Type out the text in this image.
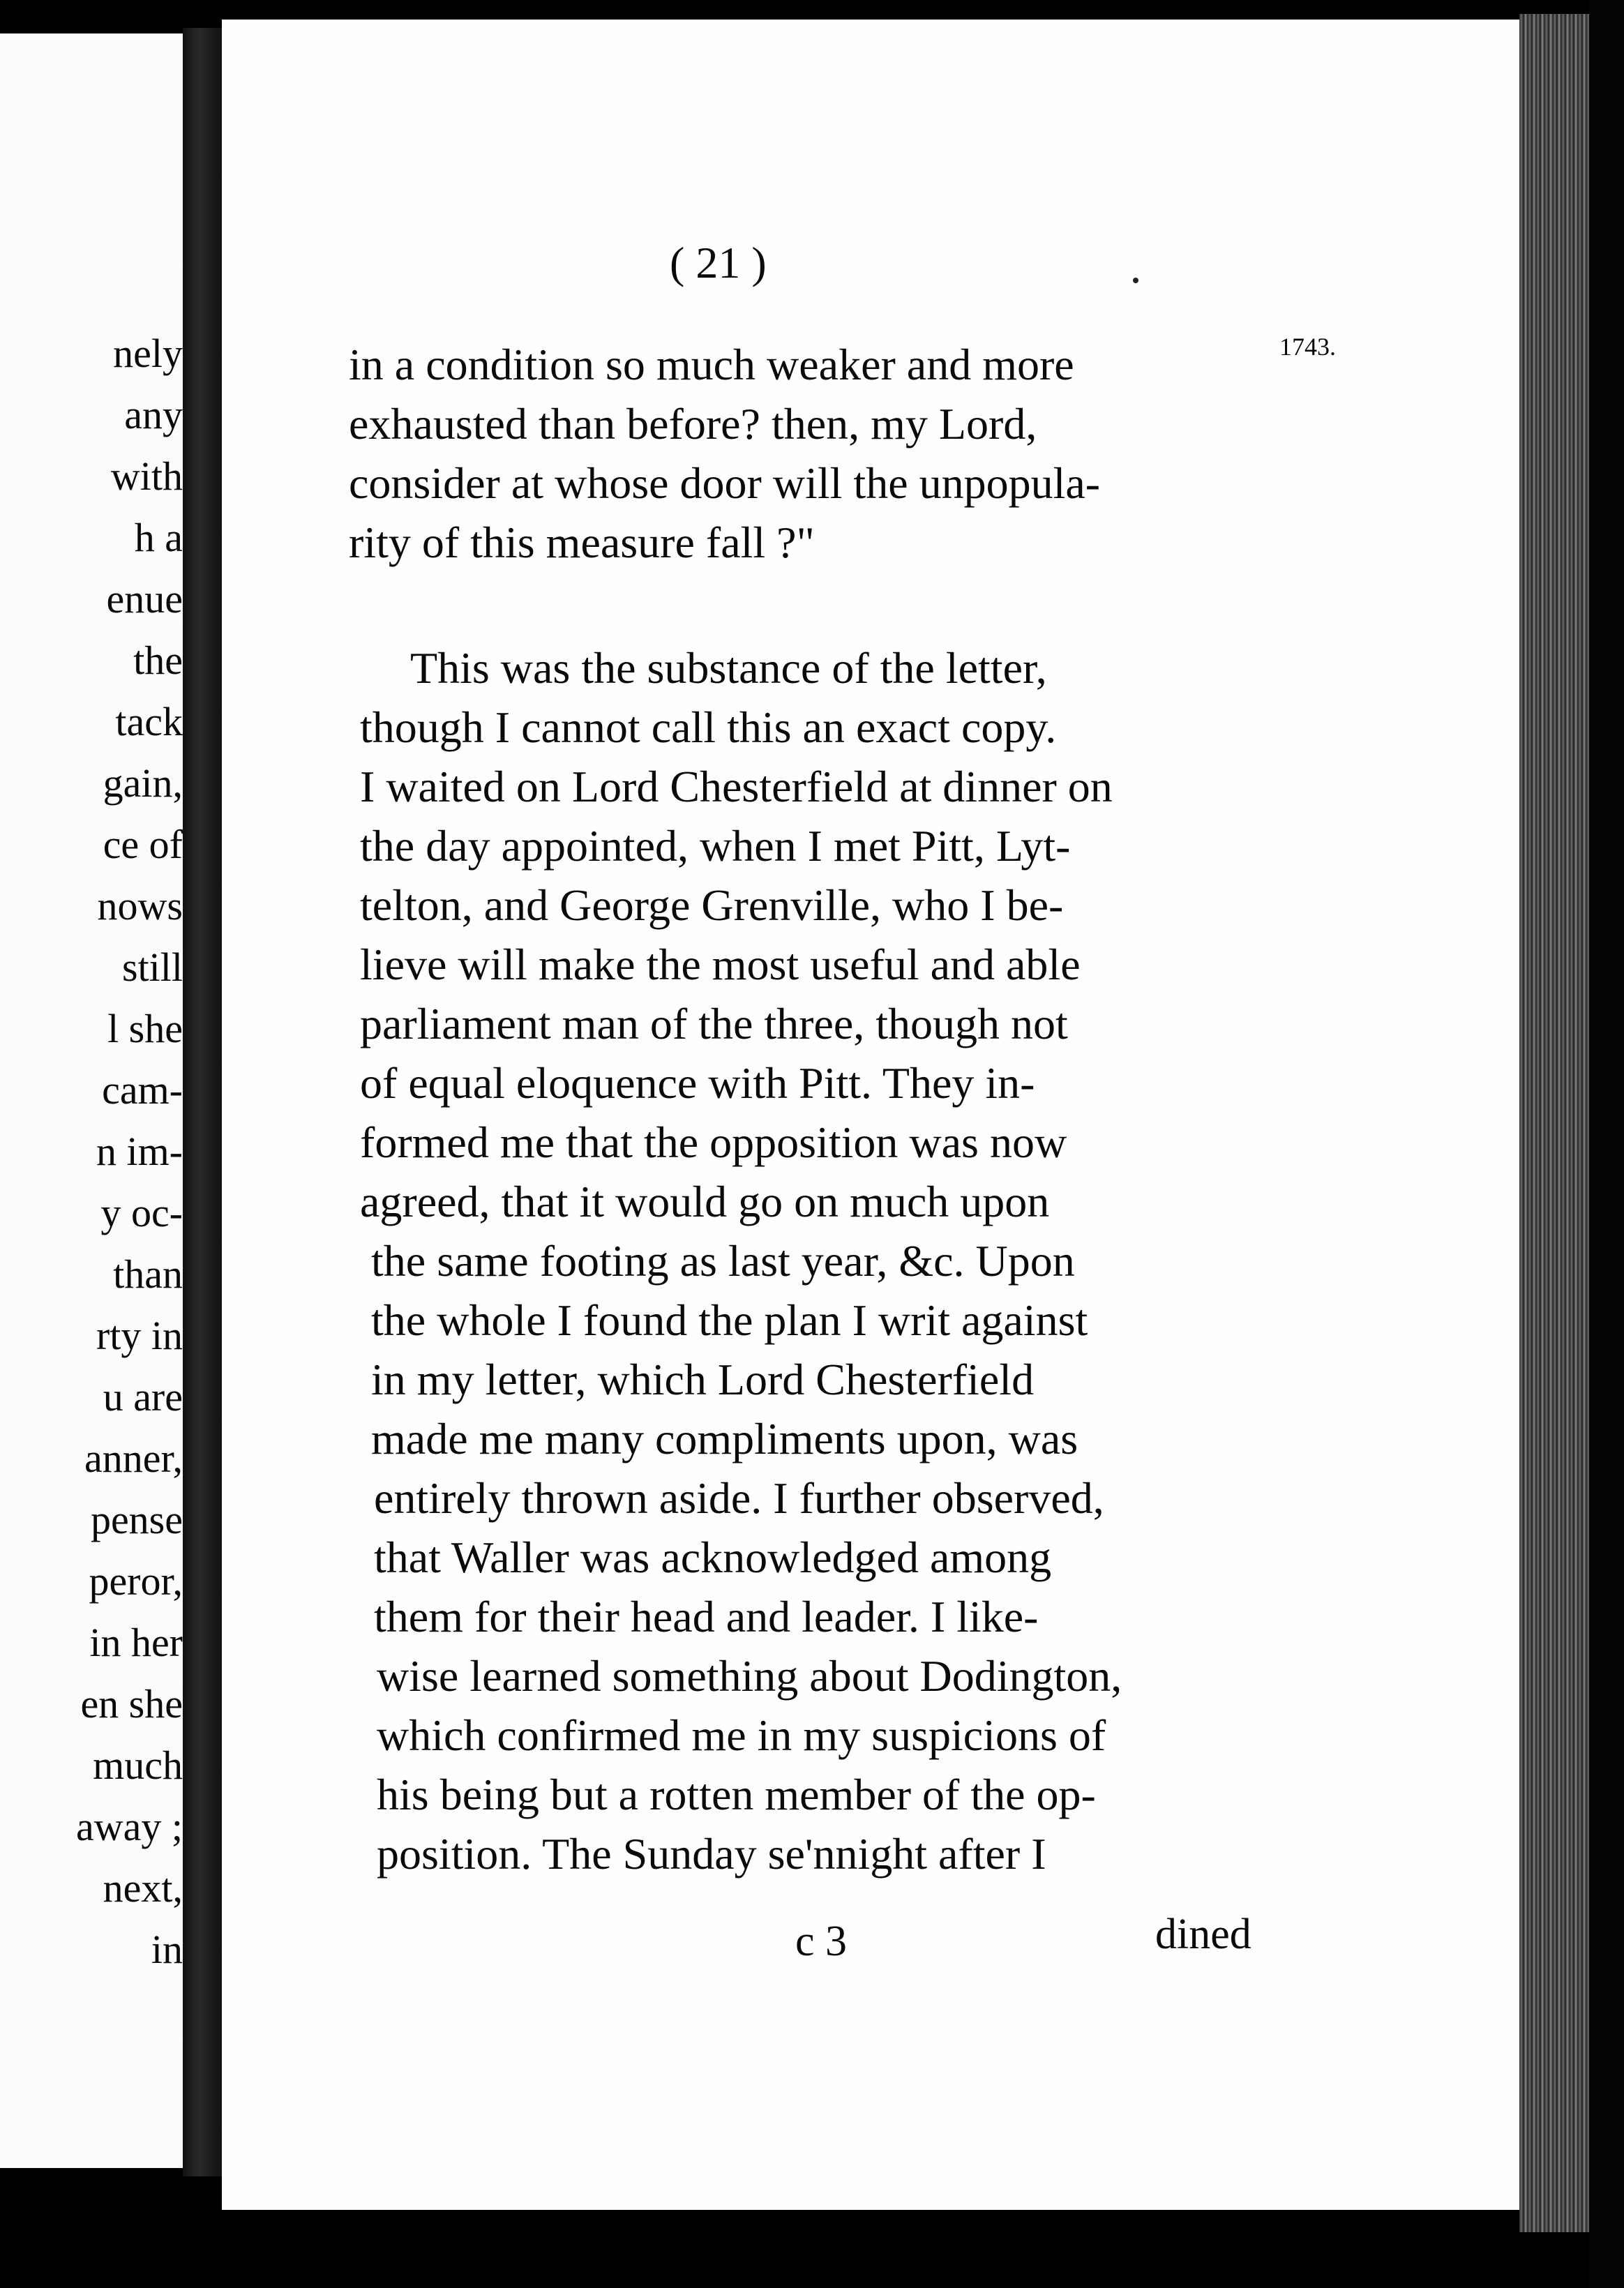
nely
any
with
h a
enue
the
tack
gain,
ce of
nows
still
l she
cam-
n im-
y oc-
than
rty in
u are
anner,
pense
peror,
in her
en she
much
away ;
next,
in
( 21 )
1743.
in a condition so much weaker and more
exhausted than before? then, my Lord,
consider at whose door will the unpopula-
rity of this measure fall ?"
This was the substance of the letter,
though I cannot call this an exact copy.
I waited on Lord Chesterfield at dinner on
the day appointed, when I met Pitt, Lyt-
telton, and George Grenville, who I be-
lieve will make the most useful and able
parliament man of the three, though not
of equal eloquence with Pitt. They in-
formed me that the opposition was now
agreed, that it would go on much upon
the same footing as last year, &c. Upon
the whole I found the plan I writ against
in my letter, which Lord Chesterfield
made me many compliments upon, was
entirely thrown aside. I further observed,
that Waller was acknowledged among
them for their head and leader. I like-
wise learned something about Dodington,
which confirmed me in my suspicions of
his being but a rotten member of the op-
position. The Sunday se'nnight after I
c 3	dined
